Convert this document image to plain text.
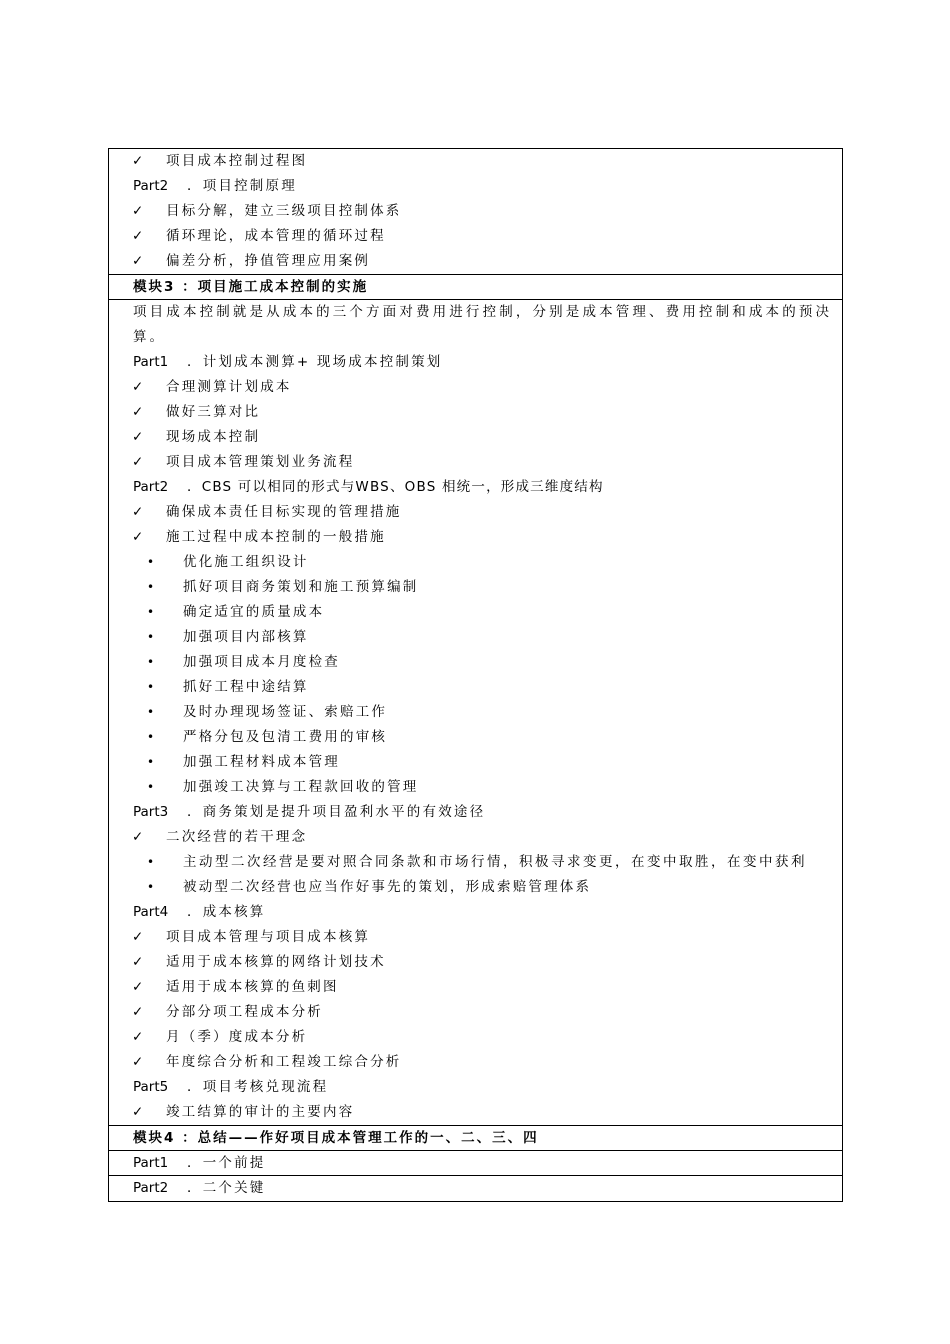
✓ 项目成本控制过程图
Part2 ．项目控制原理
✓ 目标分解，建立三级项目控制体系
✓ 循环理论，成本管理的循环过程
✓ 偏差分析，挣值管理应用案例
模块3 ：项目施工成本控制的实施
项目成本控制就是从成本的三个方面对费用进行控制，分别是成本管理、费用控制和成本的预决算。
Part1 ．计划成本测算+ 现场成本控制策划
✓ 合理测算计划成本
✓ 做好三算对比
✓ 现场成本控制
✓ 项目成本管理策划业务流程
Part2 ．CBS 可以相同的形式与WBS、OBS 相统一，形成三维度结构
✓ 确保成本责任目标实现的管理措施
✓ 施工过程中成本控制的一般措施
• 优化施工组织设计
• 抓好项目商务策划和施工预算编制
• 确定适宜的质量成本
• 加强项目内部核算
• 加强项目成本月度检查
• 抓好工程中途结算
• 及时办理现场签证、索赔工作
• 严格分包及包清工费用的审核
• 加强工程材料成本管理
• 加强竣工决算与工程款回收的管理
Part3 ．商务策划是提升项目盈利水平的有效途径
✓ 二次经营的若干理念
• 主动型二次经营是要对照合同条款和市场行情，积极寻求变更，在变中取胜，在变中获利
• 被动型二次经营也应当作好事先的策划，形成索赔管理体系
Part4 ．成本核算
✓ 项目成本管理与项目成本核算
✓ 适用于成本核算的网络计划技术
✓ 适用于成本核算的鱼刺图
✓ 分部分项工程成本分析
✓ 月（季）度成本分析
✓ 年度综合分析和工程竣工综合分析
Part5 ．项目考核兑现流程
✓ 竣工结算的审计的主要内容
模块4 ：总结——作好项目成本管理工作的一、二、三、四
Part1 ．一个前提
Part2 ．二个关键
